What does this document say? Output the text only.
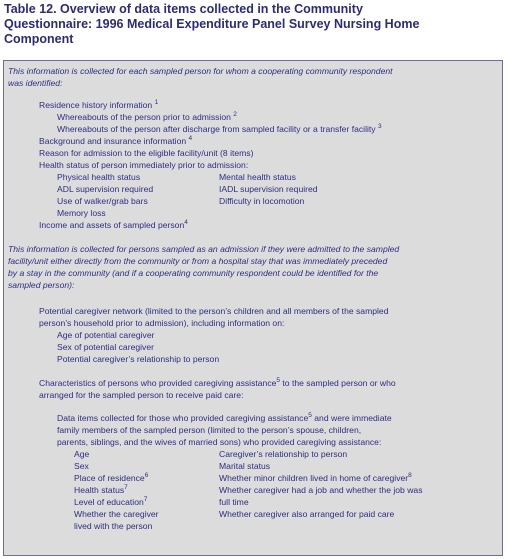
Table 12. Overview of data items collected in the Community
Questionnaire: 1996 Medical Expenditure Panel Survey Nursing Home
Component
This information is collected for each sampled person for whom a cooperating community respondent
was identified:
Residence history information $^1$
Whereabouts of the person prior to admission $^2$
Whereabouts of the person after discharge from sampled facility or a transfer facility $^3$
Background and insurance information $^4$
Reason for admission to the eligible facility/unit (8 items)
Health status of person immediately prior to admission:
Physical health status	Mental health status
ADL supervision required	IADL supervision required
Use of walker/grab bars	Difficulty in locomotion
Memory loss
Income and assets of sampled person$^4$
This information is collected for persons sampled as an admission if they were admitted to the sampled
facility/unit either directly from the community or from a hospital stay that was immediately preceded
by a stay in the community (and if a cooperating community respondent could be identified for the
sampled person):
Potential caregiver network (limited to the person’s children and all members of the sampled
person’s household prior to admission), including information on:
Age of potential caregiver
Sex of potential caregiver
Potential caregiver’s relationship to person
Characteristics of persons who provided caregiving assistance$^5$ to the sampled person or who
arranged for the sampled person to receive paid care:
Data items collected for those who provided caregiving assistance$^5$ and were immediate
family members of the sampled person (limited to the person’s spouse, children,
parents, siblings, and the wives of married sons) who provided caregiving assistance:
Age	Caregiver’s relationship to person
Sex	Marital status
Place of residence$^6$	Whether minor children lived in home of caregiver$^8$
Health status$^7$	Whether caregiver had a job and whether the job was
Level of education$^7$	full time
Whether the caregiver	Whether caregiver also arranged for paid care
lived with the person
